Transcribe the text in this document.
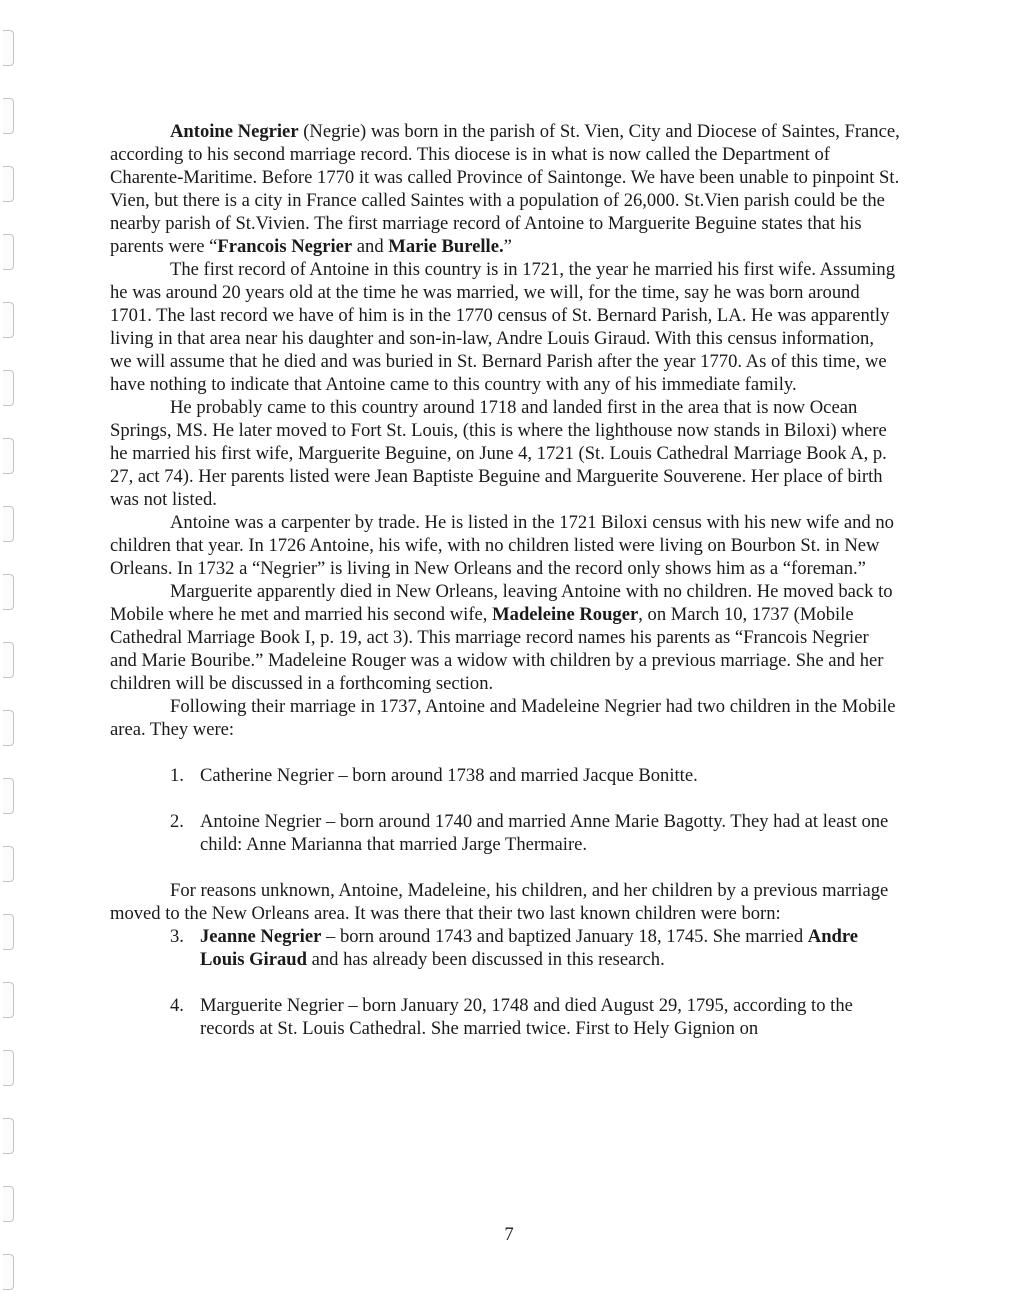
Antoine Negrier (Negrie) was born in the parish of St. Vien, City and Diocese of Saintes, France, according to his second marriage record. This diocese is in what is now called the Department of Charente-Maritime. Before 1770 it was called Province of Saintonge. We have been unable to pinpoint St. Vien, but there is a city in France called Saintes with a population of 26,000. St.Vien parish could be the nearby parish of St.Vivien. The first marriage record of Antoine to Marguerite Beguine states that his parents were “Francois Negrier and Marie Burelle.”

The first record of Antoine in this country is in 1721, the year he married his first wife. Assuming he was around 20 years old at the time he was married, we will, for the time, say he was born around 1701. The last record we have of him is in the 1770 census of St. Bernard Parish, LA. He was apparently living in that area near his daughter and son-in-law, Andre Louis Giraud. With this census information, we will assume that he died and was buried in St. Bernard Parish after the year 1770. As of this time, we have nothing to indicate that Antoine came to this country with any of his immediate family.

He probably came to this country around 1718 and landed first in the area that is now Ocean Springs, MS. He later moved to Fort St. Louis, (this is where the lighthouse now stands in Biloxi) where he married his first wife, Marguerite Beguine, on June 4, 1721 (St. Louis Cathedral Marriage Book A, p. 27, act 74). Her parents listed were Jean Baptiste Beguine and Marguerite Souverene. Her place of birth was not listed.

Antoine was a carpenter by trade. He is listed in the 1721 Biloxi census with his new wife and no children that year. In 1726 Antoine, his wife, with no children listed were living on Bourbon St. in New Orleans. In 1732 a “Negrier” is living in New Orleans and the record only shows him as a “foreman.”

Marguerite apparently died in New Orleans, leaving Antoine with no children. He moved back to Mobile where he met and married his second wife, Madeleine Rouger, on March 10, 1737 (Mobile Cathedral Marriage Book I, p. 19, act 3). This marriage record names his parents as “Francois Negrier and Marie Bouribe.” Madeleine Rouger was a widow with children by a previous marriage. She and her children will be discussed in a forthcoming section.

Following their marriage in 1737, Antoine and Madeleine Negrier had two children in the Mobile area. They were:

1. Catherine Negrier – born around 1738 and married Jacque Bonitte.
2. Antoine Negrier – born around 1740 and married Anne Marie Bagotty. They had at least one child: Anne Marianna that married Jarge Thermaire.

For reasons unknown, Antoine, Madeleine, his children, and her children by a previous marriage moved to the New Orleans area. It was there that their two last known children were born:

3. Jeanne Negrier – born around 1743 and baptized January 18, 1745. She married Andre Louis Giraud and has already been discussed in this research.
4. Marguerite Negrier – born January 20, 1748 and died August 29, 1795, according to the records at St. Louis Cathedral. She married twice. First to Hely Gignion on
7
